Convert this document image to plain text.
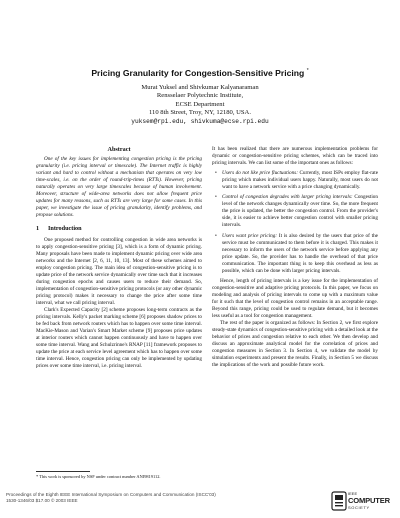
Pricing Granularity for Congestion-Sensitive Pricing *
Murat Yuksel and Shivkumar Kalyanaraman
Rensselaer Polytechnic Institute,
ECSE Department
110 8th Street, Troy, NY, 12180, USA.
yuksem@rpi.edu, shivkuma@ecse.rpi.edu
Abstract

One of the key issues for implementing congestion pricing is the pricing granularity (i.e. pricing interval or timescale). The Internet traffic is highly variant and hard to control without a mechanism that operates on very low time-scales, i.e. on the order of round-trip-times (RTTs). However, pricing naturally operates on very large timescales because of human involvement. Moreover, structure of wide-area networks does not allow frequent price updates for many reasons, such as RTTs are very large for some cases. In this paper, we investigate the issue of pricing granularity, identify problems, and propose solutions.

1 Introduction

One proposed method for controlling congestion in wide area networks is to apply congestion-sensitive pricing [3], which is a form of dynamic pricing. Many proposals have been made to implement dynamic pricing over wide area networks and the Internet [2, 6, 11, 10, 13]. Most of these schemes aimed to employ congestion pricing. The main idea of congestion-sensitive pricing is to update price of the network service dynamically over time such that it increases during congestion epochs and causes users to reduce their demand. So, implementation of congestion-sensitive pricing protocols (or any other dynamic pricing protocol) makes it necessary to change the price after some time interval, what we call pricing interval.

Clark's Expected Capacity [2] scheme proposes long-term contracts as the pricing intervals. Kelly's packet marking scheme [6] proposes shadow prices to be fed back from network routers which has to happen over some time interval. MacKie-Mason and Varian's Smart Market scheme [9] proposes price updates at interior routers which cannot happen continuously and have to happen over some time interval. Wang and Schulzrinne's RNAP [11] framework proposes to update the price at each service level agreement which has to happen over some time interval. Hence, congestion pricing can only be implemented by updating prices over some time interval, i.e. pricing interval.

It has been realized that there are numerous implementation problems for dynamic or congestion-sensitive pricing schemes, which can be traced into pricing intervals. We can list some of the important ones as follows:

• Users do not like price fluctuations: Currently, most ISPs employ flat-rate pricing which makes individual users happy. Naturally, most users do not want to have a network service with a price changing dynamically.
• Control of congestion degrades with larger pricing intervals: Congestion level of the network changes dynamically over time. So, the more frequent the price is updated, the better the congestion control. From the provider's side, it is easier to achieve better congestion control with smaller pricing intervals.
• Users want price pricing: It is also desired by the users that price of the service must be communicated to them before it is charged. This makes it necessary to inform the users of the network service before applying any price update. So, the provider has to handle the overhead of that price communication. The important thing is to keep this overhead as less as possible, which can be done with larger pricing intervals.

Hence, length of pricing intervals is a key issue for the implementation of congestion-sensitive and adaptive pricing protocols. In this paper, we focus on modeling and analysis of pricing intervals to come up with a maximum value for it such that the level of congestion control remains in an acceptable range. Beyond this range, pricing could be used to regulate demand, but it becomes less useful as a tool for congestion management.

The rest of the paper is organized as follows: In Section 2, we first explore steady-state dynamics of congestion-sensitive pricing with a detailed look at the behavior of prices and congestion relative to each other. We then develop and discuss an approximate analytical model for the correlation of prices and congestion measures in Section 3. In Section 4, we validate the model by simulation experiments and present the results. Finally, in Section 5 we discuss the implications of the work and possible future work.

* This work is sponsored by NSF under contract number ANI9819112.
Proceedings of the Eighth IEEE International Symposium on Computers and Communication (ISCC'03)
1530-1346/03 $17.00 © 2003 IEEE
IEEE
COMPUTER
SOCIETY
